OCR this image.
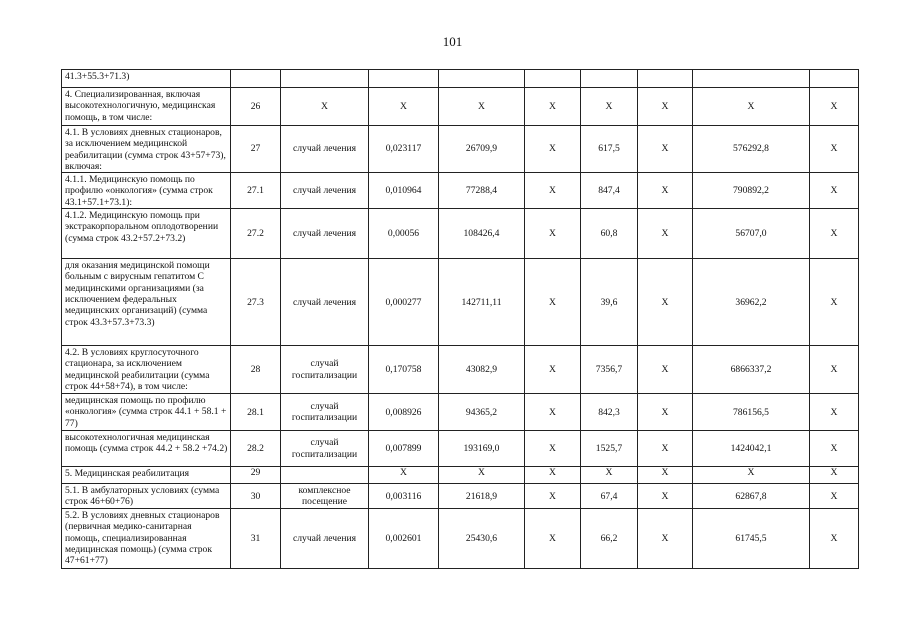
101
41.3+55.3+71.3)									
4. Специализированная, включая высокотехнологичную, медицинская помощь, в том числе:	26	X	X	X	X	X	X	X	X
4.1. В условиях дневных стационаров, за исключением медицинской реабилитации (сумма строк 43+57+73), включая:	27	случай лечения	0,023117	26709,9	X	617,5	X	576292,8	X
4.1.1. Медицинскую помощь по профилю «онкология» (сумма строк 43.1+57.1+73.1):	27.1	случай лечения	0,010964	77288,4	X	847,4	X	790892,2	X
4.1.2. Медицинскую помощь при экстракорпоральном оплодотворении (сумма строк 43.2+57.2+73.2)	27.2	случай лечения	0,00056	108426,4	X	60,8	X	56707,0	X
для оказания медицинской помощи больным с вирусным гепатитом С медицинскими организациями (за исключением федеральных медицинских организаций) (сумма строк 43.3+57.3+73.3)	27.3	случай лечения	0,000277	142711,11	X	39,6	X	36962,2	X
4.2. В условиях круглосуточного стационара, за исключением медицинской реабилитации (сумма строк 44+58+74), в том числе:	28	случай госпитализации	0,170758	43082,9	X	7356,7	X	6866337,2	X
медицинская помощь по профилю «онкология» (сумма строк 44.1 + 58.1 + 77)	28.1	случай госпитализации	0,008926	94365,2	X	842,3	X	786156,5	X
высокотехнологичная медицинская помощь (сумма строк 44.2 + 58.2 +74.2)	28.2	случай госпитализации	0,007899	193169,0	X	1525,7	X	1424042,1	X
5. Медицинская реабилитация	29		X	X	X	X	X	X	X
5.1. В амбулаторных условиях (сумма строк 46+60+76)	30	комплексное посещение	0,003116	21618,9	X	67,4	X	62867,8	X
5.2. В условиях дневных стационаров (первичная медико-санитарная помощь, специализированная медицинская помощь) (сумма строк 47+61+77)	31	случай лечения	0,002601	25430,6	X	66,2	X	61745,5	X
